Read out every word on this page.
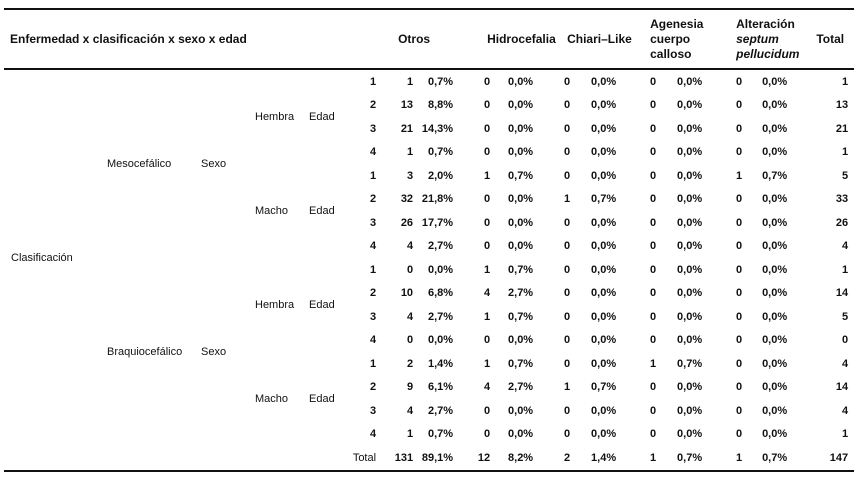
Enfermedad x clasificación x sexo x edad						Otros		Hidrocefalia		Chiari–Like		Agenesia cuerpo calloso		Alteración
septum pellucidum		Total
Clasificación	Mesocefálico	Sexo	Hembra	Edad	1	1	0,7%	0	0,0%	0	0,0%	0	0,0%	0	0,0%	1
					2	13	8,8%	0	0,0%	0	0,0%	0	0,0%	0	0,0%	13
					3	21	14,3%	0	0,0%	0	0,0%	0	0,0%	0	0,0%	21
					4	1	0,7%	0	0,0%	0	0,0%	0	0,0%	0	0,0%	1
			Macho	Edad	1	3	2,0%	1	0,7%	0	0,0%	0	0,0%	1	0,7%	5
					2	32	21,8%	0	0,0%	1	0,7%	0	0,0%	0	0,0%	33
					3	26	17,7%	0	0,0%	0	0,0%	0	0,0%	0	0,0%	26
					4	4	2,7%	0	0,0%	0	0,0%	0	0,0%	0	0,0%	4
	Braquiocefálico	Sexo	Hembra	Edad	1	0	0,0%	1	0,7%	0	0,0%	0	0,0%	0	0,0%	1
					2	10	6,8%	4	2,7%	0	0,0%	0	0,0%	0	0,0%	14
					3	4	2,7%	1	0,7%	0	0,0%	0	0,0%	0	0,0%	5
					4	0	0,0%	0	0,0%	0	0,0%	0	0,0%	0	0,0%	0
			Macho	Edad	1	2	1,4%	1	0,7%	0	0,0%	1	0,7%	0	0,0%	4
					2	9	6,1%	4	2,7%	1	0,7%	0	0,0%	0	0,0%	14
					3	4	2,7%	0	0,0%	0	0,0%	0	0,0%	0	0,0%	4
					4	1	0,7%	0	0,0%	0	0,0%	0	0,0%	0	0,0%	1
				Total		131	89,1%	12	8,2%	2	1,4%	1	0,7%	1	0,7%	147
